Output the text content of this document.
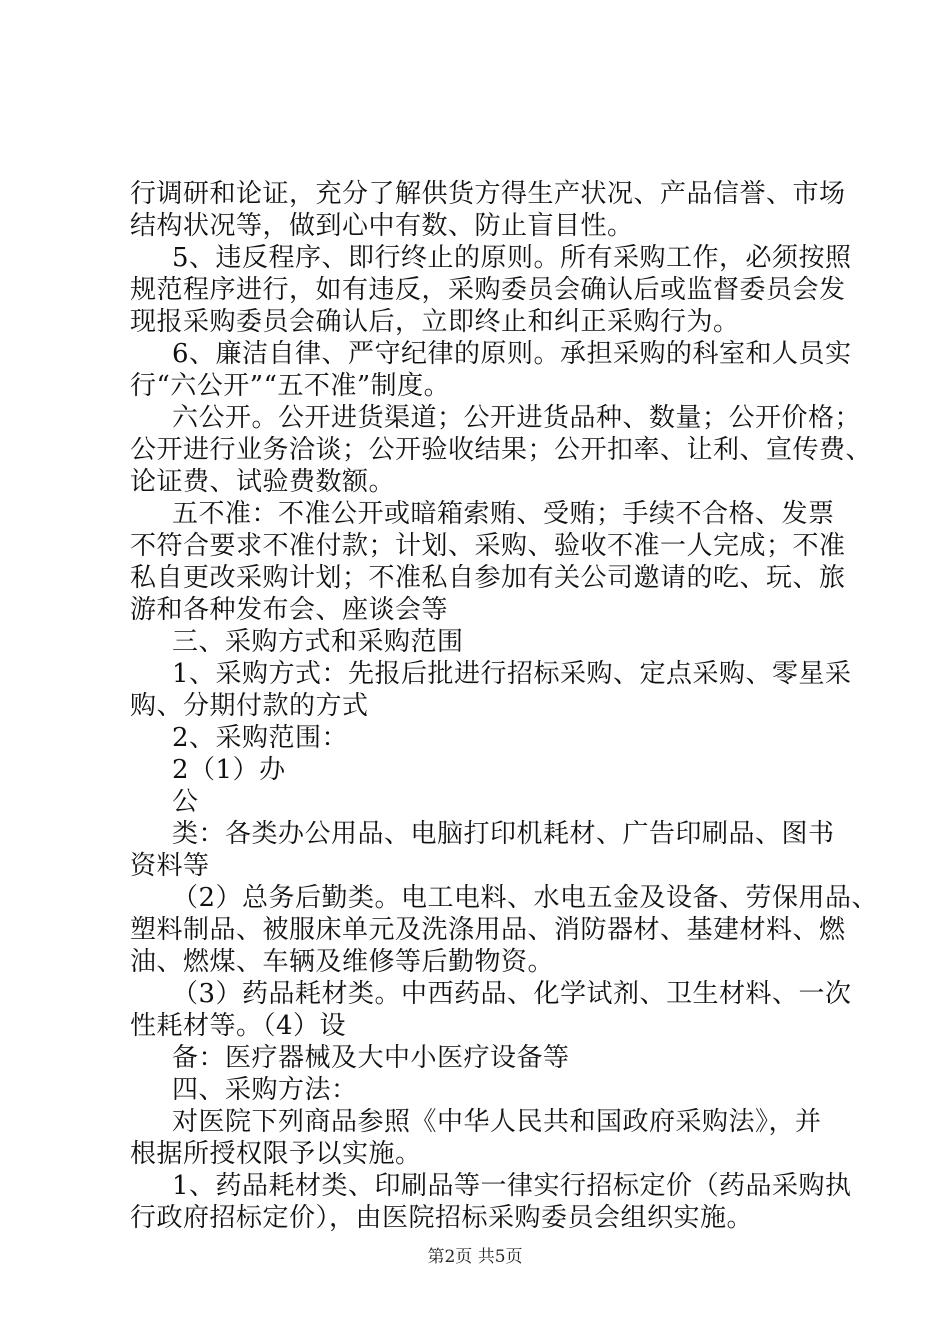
行调研和论证，充分了解供货方得生产状况、产品信誉、市场
结构状况等，做到心中有数、防止盲目性。
5、违反程序、即行终止的原则。所有采购工作，必须按照
规范程序进行，如有违反，采购委员会确认后或监督委员会发
现报采购委员会确认后，立即终止和纠正采购行为。
6、廉洁自律、严守纪律的原则。承担采购的科室和人员实
行“六公开”“五不准”制度。
六公开。公开进货渠道；公开进货品种、数量；公开价格；
公开进行业务洽谈；公开验收结果；公开扣率、让利、宣传费、
论证费、试验费数额。
五不准：不准公开或暗箱索贿、受贿；手续不合格、发票
不符合要求不准付款；计划、采购、验收不准一人完成；不准
私自更改采购计划；不准私自参加有关公司邀请的吃、玩、旅
游和各种发布会、座谈会等
三、采购方式和采购范围
1、采购方式：先报后批进行招标采购、定点采购、零星采
购、分期付款的方式
2、采购范围：
2（1）办
公
类：各类办公用品、电脑打印机耗材、广告印刷品、图书
资料等
（2）总务后勤类。电工电料、水电五金及设备、劳保用品、
塑料制品、被服床单元及洗涤用品、消防器材、基建材料、燃
油、燃煤、车辆及维修等后勤物资。
（3）药品耗材类。中西药品、化学试剂、卫生材料、一次
性耗材等。（4）设
备：医疗器械及大中小医疗设备等
四、采购方法：
对医院下列商品参照《中华人民共和国政府采购法》，并
根据所授权限予以实施。
1、药品耗材类、印刷品等一律实行招标定价（药品采购执
行政府招标定价），由医院招标采购委员会组织实施。
第2页 共5页
